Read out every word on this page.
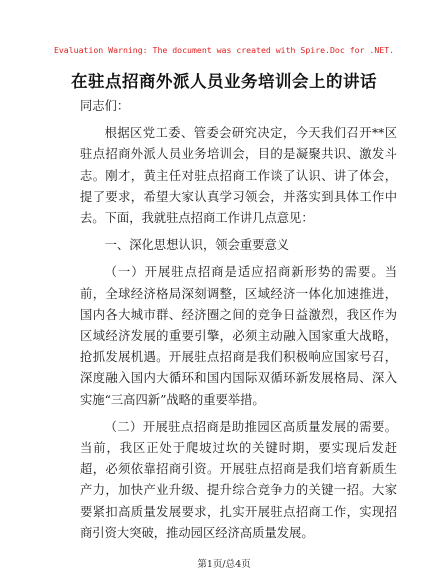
Evaluation Warning: The document was created with Spire.Doc for .NET.
在驻点招商外派人员业务培训会上的讲话

同志们：

根据区党工委、管委会研究决定，今天我们召开**区驻点招商外派人员业务培训会，目的是凝聚共识、激发斗志。刚才，黄主任对驻点招商工作谈了认识、讲了体会，提了要求，希望大家认真学习领会，并落实到具体工作中去。下面，我就驻点招商工作讲几点意见：

一、深化思想认识，领会重要意义

（一）开展驻点招商是适应招商新形势的需要。当前，全球经济格局深刻调整，区域经济一体化加速推进，国内各大城市群、经济圈之间的竞争日益激烈，我区作为区域经济发展的重要引擎，必须主动融入国家重大战略，抢抓发展机遇。开展驻点招商是我们积极响应国家号召，深度融入国内大循环和国内国际双循环新发展格局、深入实施“三高四新”战略的重要举措。

（二）开展驻点招商是助推园区高质量发展的需要。当前，我区正处于爬坡过坎的关键时期，要实现后发赶超，必须依靠招商引资。开展驻点招商是我们培育新质生产力，加快产业升级、提升综合竞争力的关键一招。大家要紧扣高质量发展要求，扎实开展驻点招商工作，实现招商引资大突破，推动园区经济高质量发展。

第1页/总4页
